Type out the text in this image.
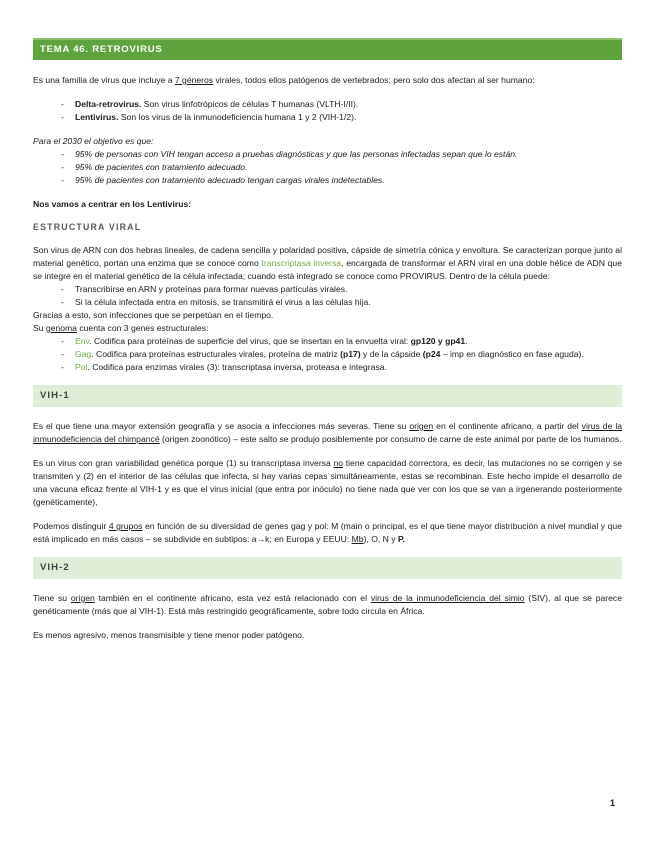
TEMA 46. RETROVIRUS

Es una familia de virus que incluye a 7 géneros virales, todos ellos patógenos de vertebrados; pero solo dos afectan al ser humano:

-	Delta-retrovirus. Son virus linfotrópicos de células T humanas (VLTH-I/II).
-	Lentivirus. Son los virus de la inmunodeficiencia humana 1 y 2 (VIH-1/2).

Para el 2030 el objetivo es que:

-	95% de personas con VIH tengan acceso a pruebas diagnósticas y que las personas infectadas sepan que lo están.
-	95% de pacientes con tratamiento adecuado.
-	95% de pacientes con tratamiento adecuado tengan cargas virales indetectables.

Nos vamos a centrar en los Lentivirus:

ESTRUCTURA VIRAL

Son virus de ARN con dos hebras lineales, de cadena sencilla y polaridad positiva, cápside de simetría cónica y envoltura. Se caracterizan porque junto al material genético, portan una enzima que se conoce como transcriptasa inversa, encargada de transformar el ARN viral en una doble hélice de ADN que se integre en el material genético de la célula infectada; cuando está integrado se conoce como PROVIRUS. Dentro de la célula puede:

-	Transcribirse en ARN y proteínas para formar nuevas partículas virales.
-	Si la célula infectada entra en mitosis, se transmitirá el virus a las células hija.

Gracias a esto, son infecciones que se perpetúan en el tiempo.

Su genoma cuenta con 3 genes estructurales:

-	Env. Codifica para proteínas de superficie del virus, que se insertan en la envuelta viral: gp120 y gp41.
-	Gag. Codifica para proteínas estructurales virales, proteína de matriz (p17) y de la cápside (p24 – imp en diagnóstico en fase aguda).
-	Pol. Codifica para enzimas virales (3): transcriptasa inversa, proteasa e integrasa.
VIH-1

Es el que tiene una mayor extensión geografía y se asocia a infecciones más severas. Tiene su origen en el continente africano, a partir del virus de la inmunodeficiencia del chimpancé (origen zoonótico) – este salto se produjo posiblemente por consumo de carne de este animal por parte de los humanos.

Es un virus con gran variabilidad genética porque (1) su transcriptasa inversa no tiene capacidad correctora, es decir, las mutaciones no se corrigen y se transmiten y (2) en el interior de las células que infecta, si hay varias cepas simultáneamente, estas se recombinan. Este hecho impide el desarrollo de una vacuna eficaz frente al VIH-1 y es que el virus inicial (que entra por inóculo) no tiene nada que ver con los que se van a irgenerando posteriormente (genéticamente),

Podemos distinguir 4 grupos en función de su diversidad de genes gag y pol: M (main o principal, es el que tiene mayor distribución a nivel mundial y que está implicado en más casos – se subdivide en subtipos: a→k; en Europa y EEUU: Mb), O, N y P.

VIH-2

Tiene su origen también en el continente africano, esta vez está relacionado con el virus de la inmunodeficiencia del simio (SIV), al que se parece genéticamente (más que al VIH-1). Está más restringido geográficamente, sobre todo circula en África.

Es menos agresivo, menos transmisible y tiene menor poder patógeno.

1
